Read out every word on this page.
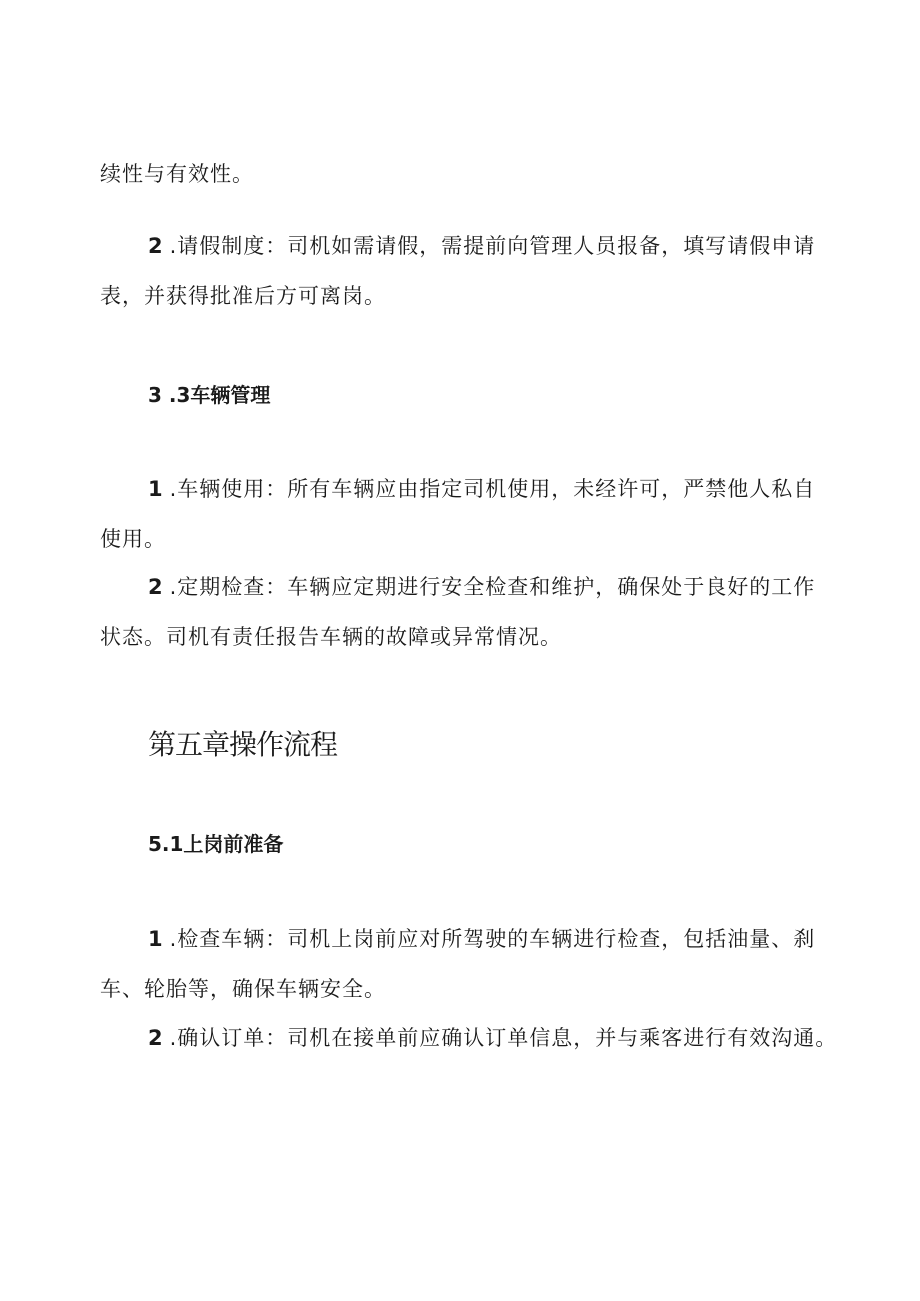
续性与有效性。
2 .请假制度：司机如需请假，需提前向管理人员报备，填写请假申请
表，并获得批准后方可离岗。
3 .3车辆管理
1 .车辆使用：所有车辆应由指定司机使用，未经许可，严禁他人私自
使用。
2 .定期检查：车辆应定期进行安全检查和维护，确保处于良好的工作
状态。司机有责任报告车辆的故障或异常情况。
第五章操作流程
5.1上岗前准备
1 .检查车辆：司机上岗前应对所驾驶的车辆进行检查，包括油量、刹
车、轮胎等，确保车辆安全。
2 .确认订单：司机在接单前应确认订单信息，并与乘客进行有效沟通。
